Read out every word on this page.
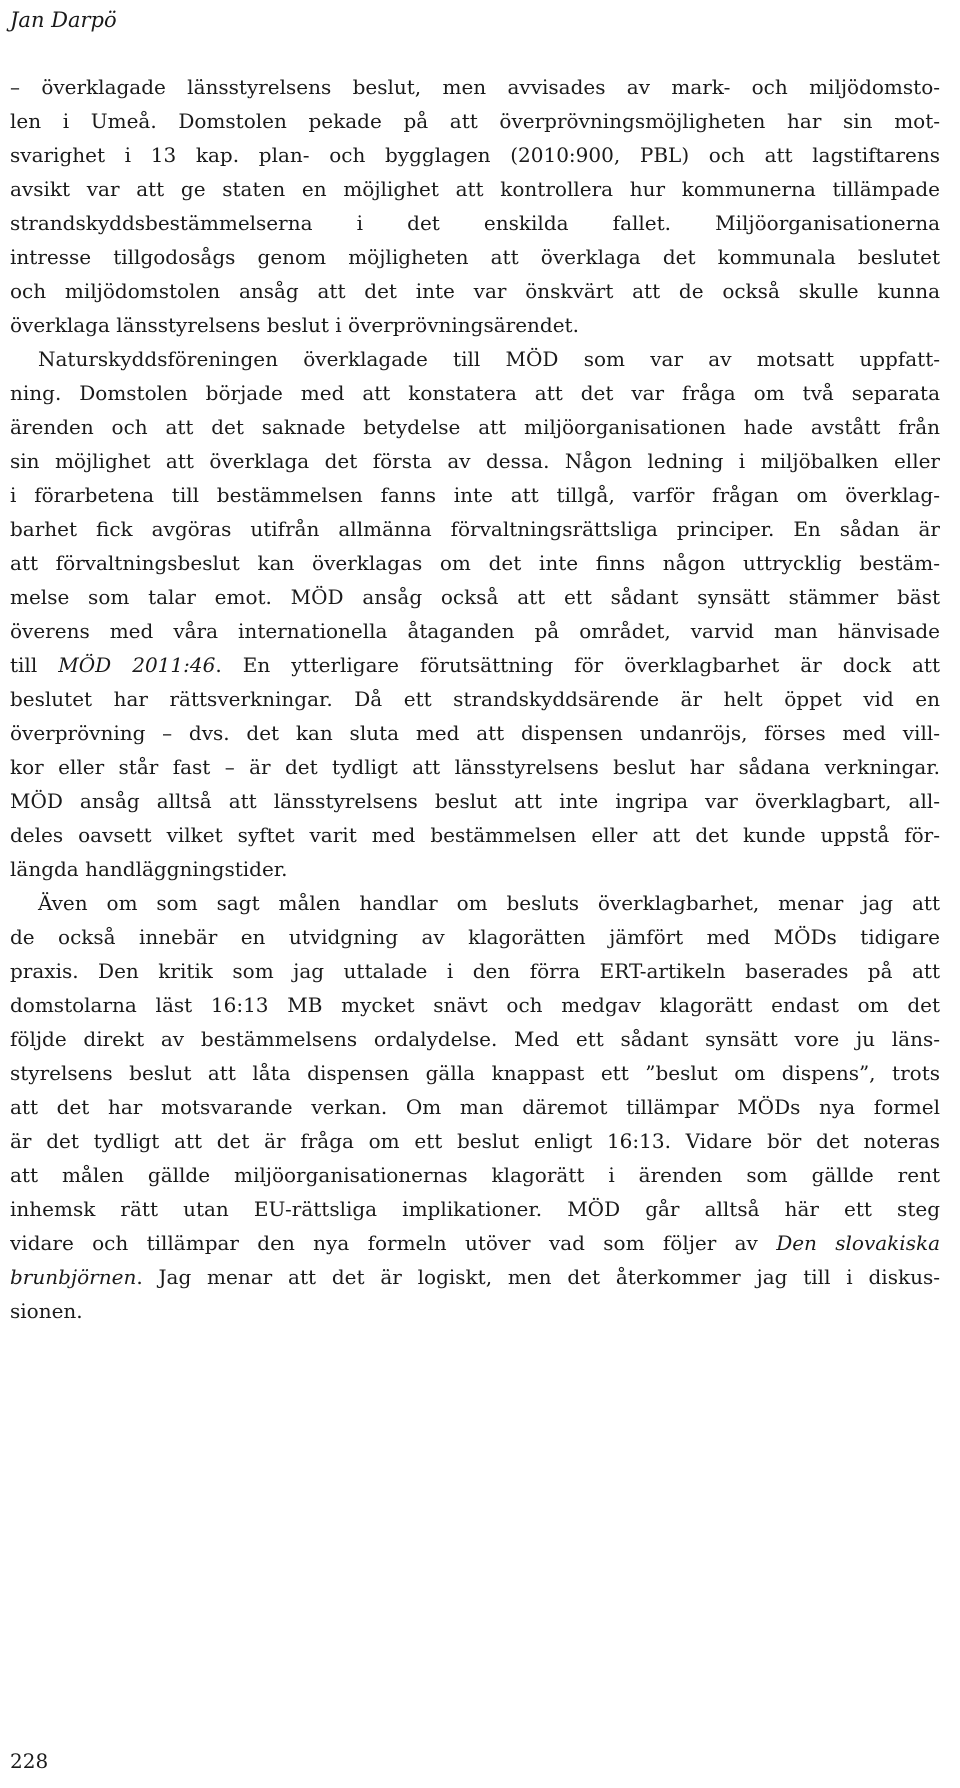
Jan Darpö
– överklagade länsstyrelsens beslut, men avvisades av mark- och miljödomsto-
len i Umeå. Domstolen pekade på att överprövningsmöjligheten har sin mot-
svarighet i 13 kap. plan- och bygglagen (2010:900, PBL) och att lagstiftarens
avsikt var att ge staten en möjlighet att kontrollera hur kommunerna tillämpade
strandskyddsbestämmelserna i det enskilda fallet. Miljöorganisationerna
intresse tillgodosågs genom möjligheten att överklaga det kommunala beslutet
och miljödomstolen ansåg att det inte var önskvärt att de också skulle kunna
överklaga länsstyrelsens beslut i överprövningsärendet.
Naturskyddsföreningen överklagade till MÖD som var av motsatt uppfatt-
ning. Domstolen började med att konstatera att det var fråga om två separata
ärenden och att det saknade betydelse att miljöorganisationen hade avstått från
sin möjlighet att överklaga det första av dessa. Någon ledning i miljöbalken eller
i förarbetena till bestämmelsen fanns inte att tillgå, varför frågan om överklag-
barhet fick avgöras utifrån allmänna förvaltningsrättsliga principer. En sådan är
att förvaltningsbeslut kan överklagas om det inte finns någon uttrycklig bestäm-
melse som talar emot. MÖD ansåg också att ett sådant synsätt stämmer bäst
överens med våra internationella åtaganden på området, varvid man hänvisade
till MÖD 2011:46. En ytterligare förutsättning för överklagbarhet är dock att
beslutet har rättsverkningar. Då ett strandskyddsärende är helt öppet vid en
överprövning – dvs. det kan sluta med att dispensen undanröjs, förses med vill-
kor eller står fast – är det tydligt att länsstyrelsens beslut har sådana verkningar.
MÖD ansåg alltså att länsstyrelsens beslut att inte ingripa var överklagbart, all-
deles oavsett vilket syftet varit med bestämmelsen eller att det kunde uppstå för-
längda handläggningstider.
Även om som sagt målen handlar om besluts överklagbarhet, menar jag att
de också innebär en utvidgning av klagorätten jämfört med MÖDs tidigare
praxis. Den kritik som jag uttalade i den förra ERT-artikeln baserades på att
domstolarna läst 16:13 MB mycket snävt och medgav klagorätt endast om det
följde direkt av bestämmelsens ordalydelse. Med ett sådant synsätt vore ju läns-
styrelsens beslut att låta dispensen gälla knappast ett ”beslut om dispens”, trots
att det har motsvarande verkan. Om man däremot tillämpar MÖDs nya formel
är det tydligt att det är fråga om ett beslut enligt 16:13. Vidare bör det noteras
att målen gällde miljöorganisationernas klagorätt i ärenden som gällde rent
inhemsk rätt utan EU-rättsliga implikationer. MÖD går alltså här ett steg
vidare och tillämpar den nya formeln utöver vad som följer av Den slovakiska
brunbjörnen. Jag menar att det är logiskt, men det återkommer jag till i diskus-
sionen.
228
